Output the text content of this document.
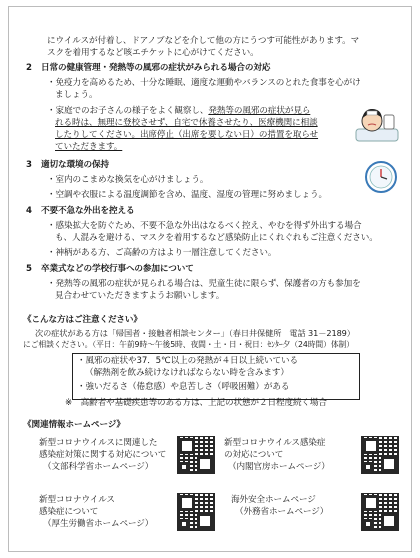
にウイルスが付着し、ドアノブなどを介して他の方にうつす可能性があります。マ
スクを着用するなど咳エチケットに心がけてください。
2 日常の健康管理・発熱等の風邪の症状がみられる場合の対応
・免疫力を高めるため、十分な睡眠、適度な運動やバランスのとれた食事を心がけ
ましょう。
・家庭でのお子さんの様子をよく観察し、発熱等の風邪の症状が見ら
れる時は、無理に登校させず、自宅で休養させたり、医療機関に相談
したりしてください。出席停止（出席を要しない日）の措置を取らせ
ていただきます。
3 適切な環境の保持
・室内のこまめな換気を心がけましょう。
・空調や衣服による温度調節を含め、温度、湿度の管理に努めましょう。
4 不要不急な外出を控える
・感染拡大を防ぐため、不要不急な外出はなるべく控え、やむを得ず外出する場合
も、人混みを避ける、マスクを着用するなど感染防止にくれぐれもご注意ください。
・神柄がある方、ご高齢の方はより一層注意してください。
5 卒業式などの学校行事への参加について
・発熱等の風邪の症状が見られる場合は、児童生徒に限らず、保護者の方も参加を
見合わせていただきますようお願いします。
《こんな方はご注意ください》
次の症状がある方は「帰国者・接触者相談センター」（春日井保健所　電話 31－2189）
にご相談ください。（平日：午前9時～午後5時、夜間・土・日・祝日：ｾﾝﾀｰ夕（24時間）体制）
・風邪の症状や37．5℃以上の発熱が４日以上続いている
（解熱剤を飲み続けなければならない時を含みます）
・強いだるさ（倦怠感）や息苦しさ（呼吸困難）がある
※　高齢者や基礎疾患等のある方は、上記の状態が２日程度続く場合
《関連情報ホームページ》
新型コロナウイルスに関連した
感染症対策に関する対応について
（文部科学省ホームページ）
新型コロナウイルス感染症
の対応について
（内閣官房ホームページ）
新型コロナウイルス
感染症について
（厚生労働省ホームページ）
海外安全ホームページ
（外務省ホームページ）
